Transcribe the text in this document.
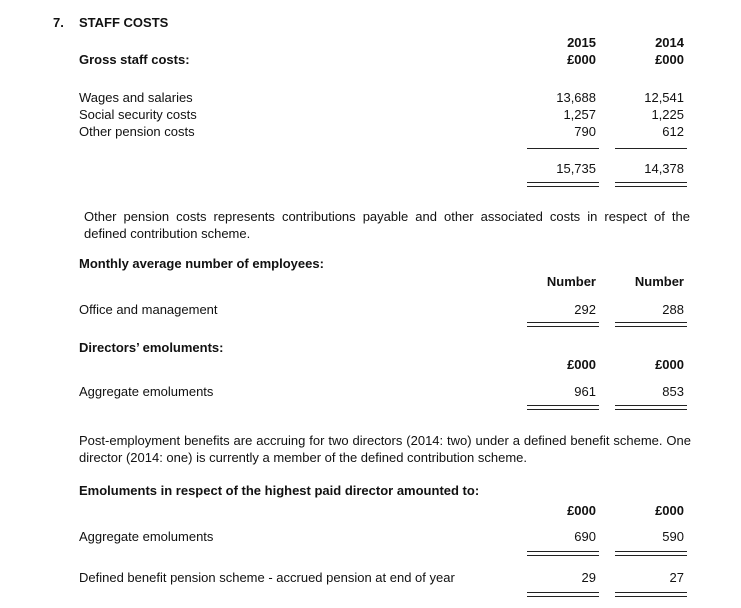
7. STAFF COSTS
Gross staff costs:
2015	2014
£000	£000
Wages and salaries	13,688	12,541
Social security costs	1,257	1,225
Other pension costs	790	612
15,735	14,378
Other pension costs represents contributions payable and other associated costs in respect of the defined contribution scheme.
Monthly average number of employees:
Number	Number
Office and management	292	288
Directors’ emoluments:
£000	£000
Aggregate emoluments	961	853
Post-employment benefits are accruing for two directors (2014: two) under a defined benefit scheme. One director (2014: one) is currently a member of the defined contribution scheme.
Emoluments in respect of the highest paid director amounted to:
£000	£000
Aggregate emoluments	690	590
Defined benefit pension scheme - accrued pension at end of year	29	27
